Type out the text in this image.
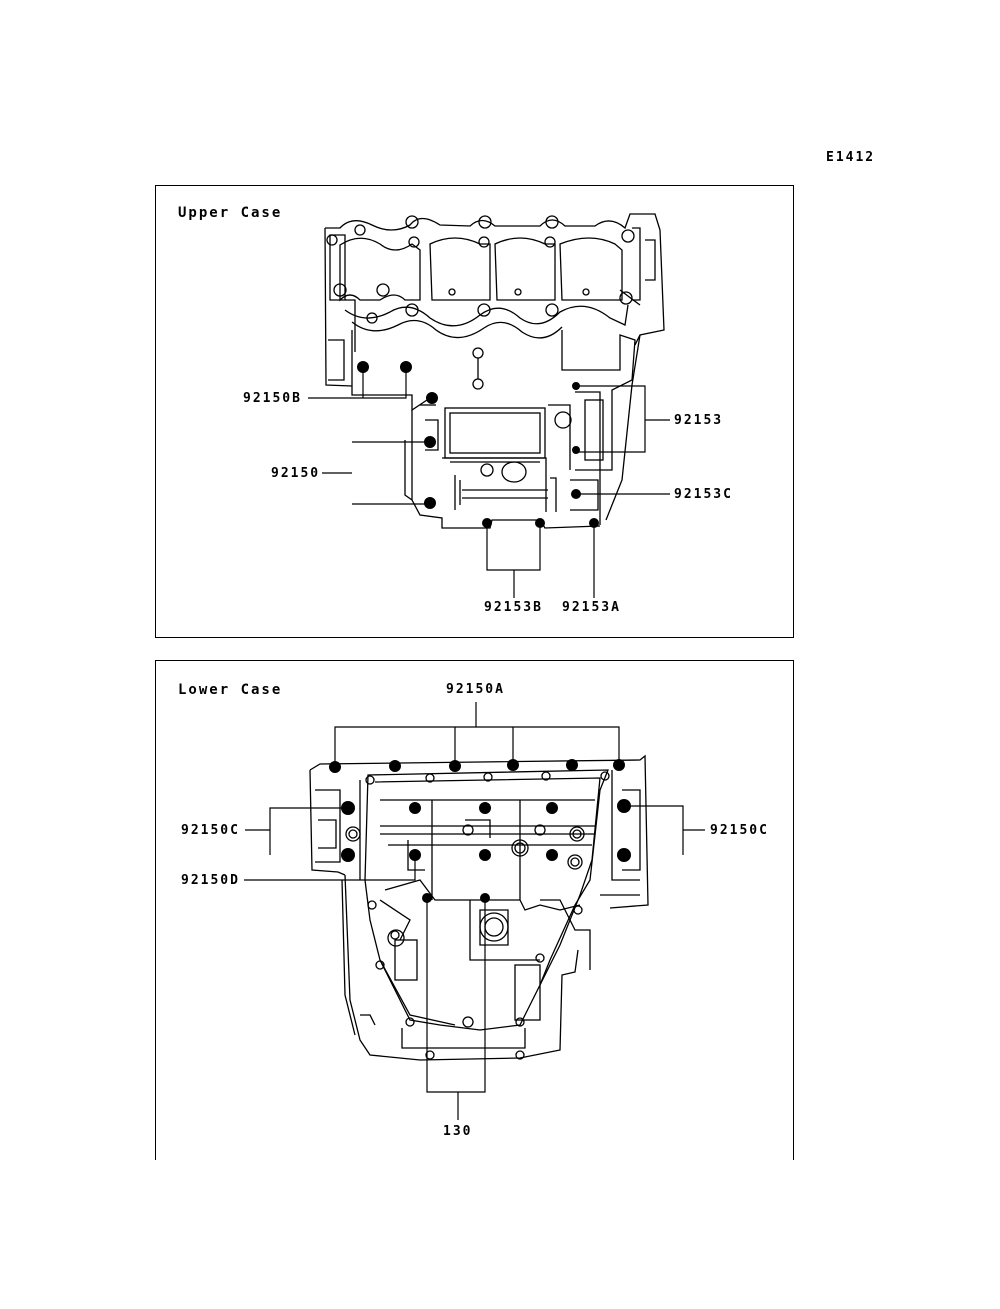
E1412
Upper Case
92150B
92150
92153
92153C
92153B 92153A
Lower Case	92150A
92150C	92150C
92150D
130
